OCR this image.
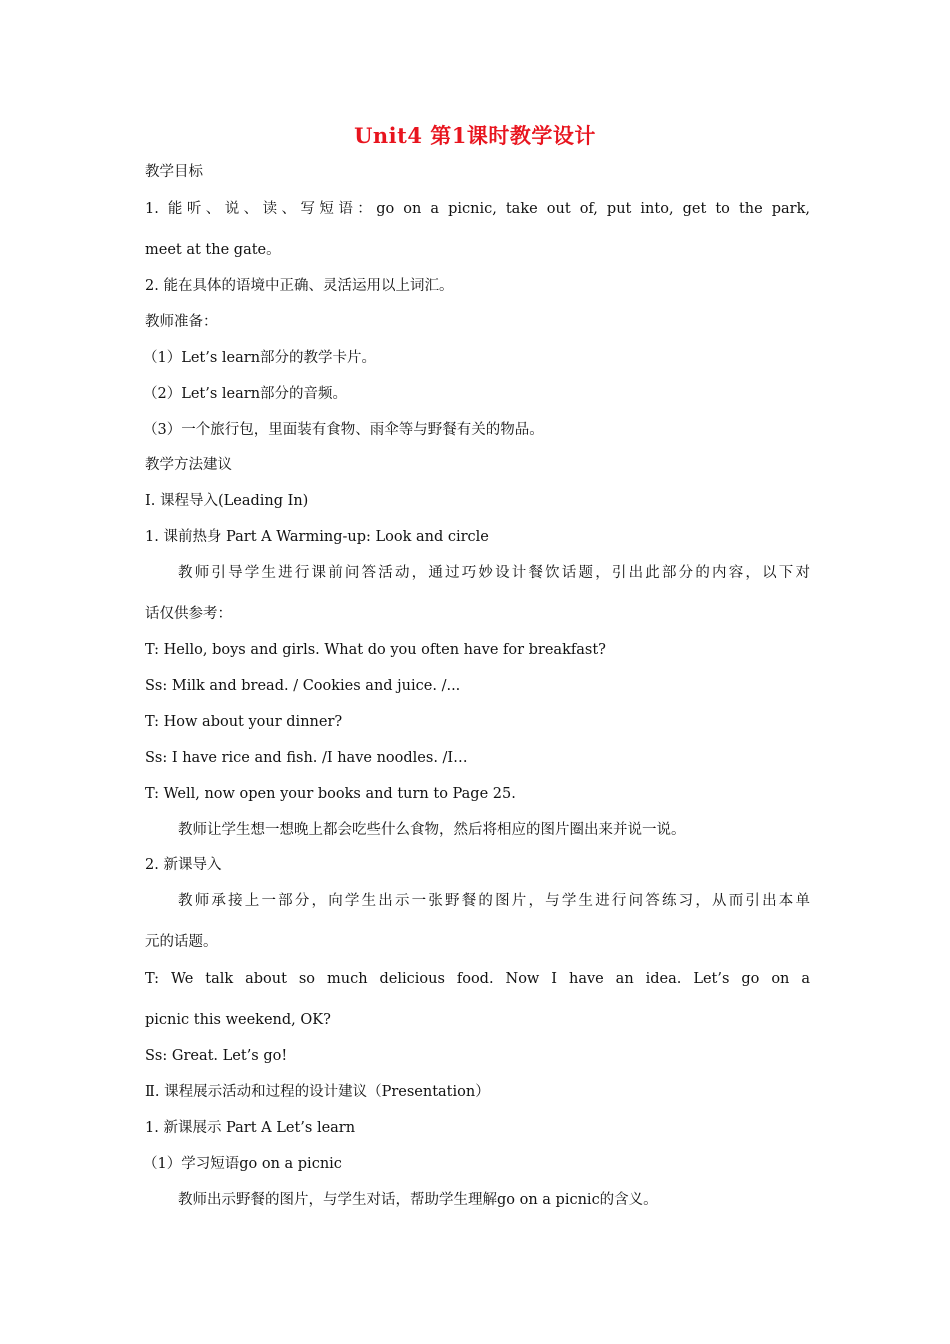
Unit4 第1课时教学设计
教学目标
1. 能听、说、读、写短语：go on a picnic, take out of, put into, get to the park,
meet at the gate。
2. 能在具体的语境中正确、灵活运用以上词汇。
教师准备：
（1）Let’s learn部分的教学卡片。
（2）Let’s learn部分的音频。
（3）一个旅行包，里面装有食物、雨伞等与野餐有关的物品。
教学方法建议
I. 课程导入(Leading In)
1. 课前热身 Part A Warming-up: Look and circle
教师引导学生进行课前问答活动，通过巧妙设计餐饮话题，引出此部分的内容，以下对
话仅供参考：
T: Hello, boys and girls. What do you often have for breakfast?
Ss: Milk and bread. / Cookies and juice. /...
T: How about your dinner?
Ss: I have rice and fish. /I have noodles. /I…
T: Well, now open your books and turn to Page 25.
教师让学生想一想晚上都会吃些什么食物，然后将相应的图片圈出来并说一说。
2. 新课导入
教师承接上一部分，向学生出示一张野餐的图片，与学生进行问答练习，从而引出本单
元的话题。
T: We talk about so much delicious food. Now I have an idea. Let’s go on a
picnic this weekend, OK?
Ss: Great. Let’s go!
Ⅱ. 课程展示活动和过程的设计建议（Presentation）
1. 新课展示 Part A Let’s learn
（1）学习短语go on a picnic
教师出示野餐的图片，与学生对话，帮助学生理解go on a picnic的含义。
